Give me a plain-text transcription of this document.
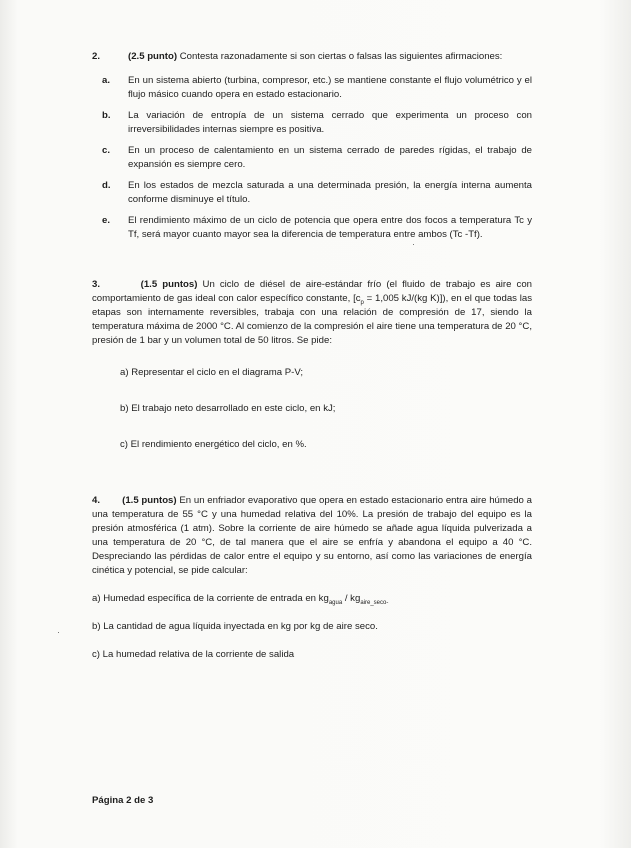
2.	(2.5 punto) Contesta razonadamente si son ciertas o falsas las siguientes afirmaciones:
a.	En un sistema abierto (turbina, compresor, etc.) se mantiene constante el flujo volumétrico y el flujo másico cuando opera en estado estacionario.
b.	La variación de entropía de un sistema cerrado que experimenta un proceso con irreversibilidades internas siempre es positiva.
c.	En un proceso de calentamiento en un sistema cerrado de paredes rígidas, el trabajo de expansión es siempre cero.
d.	En los estados de mezcla saturada a una determinada presión, la energía interna aumenta conforme disminuye el título.
e.	El rendimiento máximo de un ciclo de potencia que opera entre dos focos a temperatura Tc y Tf, será mayor cuanto mayor sea la diferencia de temperatura entre ambos (Tc -Tf).
3.	(1.5 puntos) Un ciclo de diésel de aire-estándar frío (el fluido de trabajo es aire con comportamiento de gas ideal con calor específico constante, [$c_p = 1,005$ kJ/(kg K)]), en el que todas las etapas son internamente reversibles, trabaja con una relación de compresión de 17, siendo la temperatura máxima de 2000 °C. Al comienzo de la compresión el aire tiene una temperatura de 20 °C, presión de 1 bar y un volumen total de 50 litros. Se pide:
a) Representar el ciclo en el diagrama P-V;
b) El trabajo neto desarrollado en este ciclo, en kJ;
c) El rendimiento energético del ciclo, en %.
4. (1.5 puntos) En un enfriador evaporativo que opera en estado estacionario entra aire húmedo a una temperatura de 55 °C y una humedad relativa del 10%. La presión de trabajo del equipo es la presión atmosférica (1 atm). Sobre la corriente de aire húmedo se añade agua líquida pulverizada a una temperatura de 20 °C, de tal manera que el aire se enfría y abandona el equipo a 40 °C. Despreciando las pérdidas de calor entre el equipo y su entorno, así como las variaciones de energía cinética y potencial, se pide calcular:
a) Humedad específica de la corriente de entrada en $kg_{agua} / kg_{aire\_seco-}$
b) La cantidad de agua líquida inyectada en kg por kg de aire seco.
c) La humedad relativa de la corriente de salida
Página 2 de 3
